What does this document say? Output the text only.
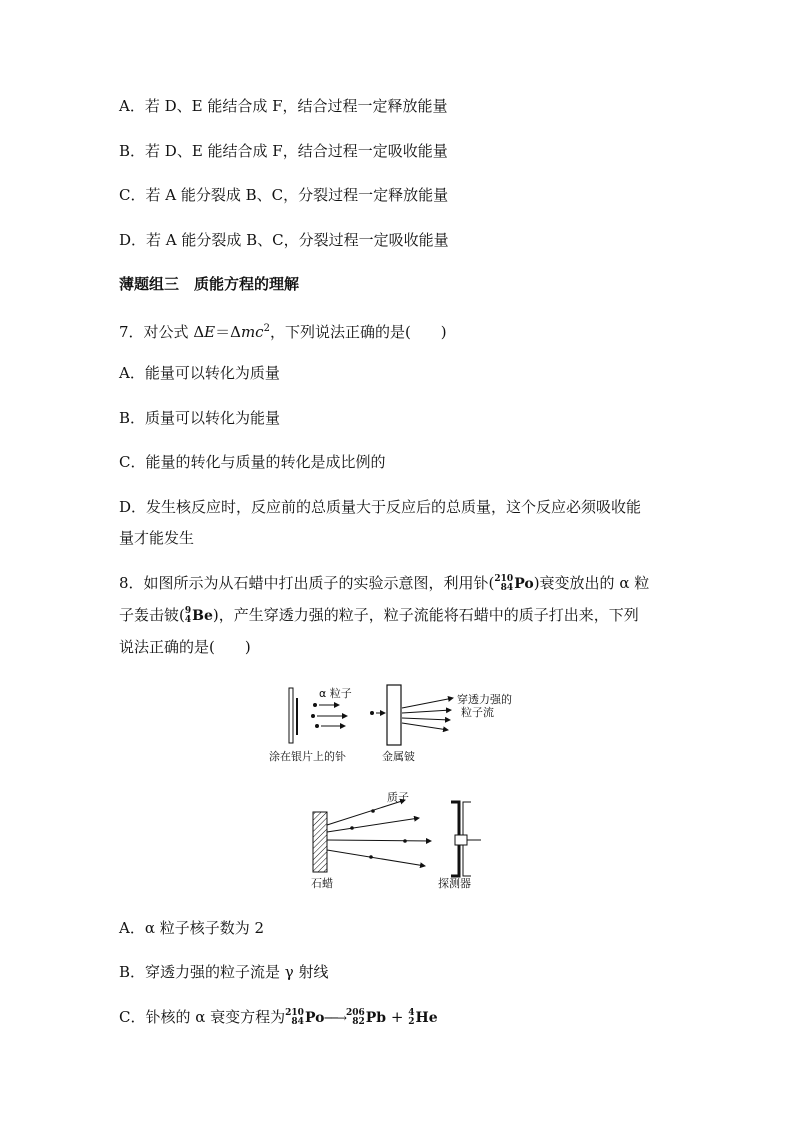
A．若 D、E 能结合成 F，结合过程一定释放能量
B．若 D、E 能结合成 F，结合过程一定吸收能量
C．若 A 能分裂成 B、C，分裂过程一定释放能量
D．若 A 能分裂成 B、C，分裂过程一定吸收能量
薄题组三　质能方程的理解
7．对公式 ΔE＝Δmc$^2$，下列说法正确的是(　　)
A．能量可以转化为质量
B．质量可以转化为能量
C．能量的转化与质量的转化是成比例的
D．发生核反应时，反应前的总质量大于反应后的总质量，这个反应必须吸收能
量才能发生
8．如图所示为从石蜡中打出质子的实验示意图，利用钋( 210
84 Po )衰变放出的 α 粒
子轰击铍( 9
4 Be )，产生穿透力强的粒子，粒子流能将石蜡中的质子打出来，下列
说法正确的是(　　)
α 粒子	穿透力强的
粒子流
涂在银片上的钋	金属铍
质子
石蜡	探测器
A．α 粒子核子数为 2
B．穿透力强的粒子流是 γ 射线
C．钋核的 α 衰变方程为 210
84 Po ──→ 206
82 Pb + 4
2 He
